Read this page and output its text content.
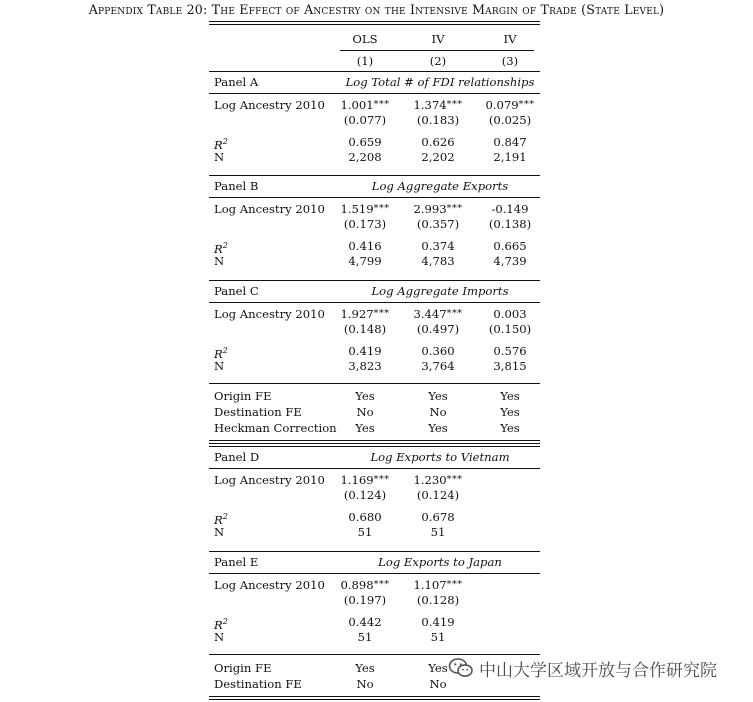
Appendix Table 20: The Effect of Ancestry on the Intensive Margin of Trade (State Level)
OLS	IV	IV
(1)	(2)	(3)
Panel A	Log Total # of FDI relationships
Log Ancestry 2010 1.001***	1.374***	0.079***
(0.077)	(0.183)	(0.025)
$R^2$	0.659	0.626	0.847
N	2,208	2,202	2,191
Panel B	Log Aggregate Exports
Log Ancestry 2010 1.519***	2.993***	-0.149
(0.173)	(0.357)	(0.138)
$R^2$	0.416	0.374	0.665
N	4,799	4,783	4,739
Panel C	Log Aggregate Imports
Log Ancestry 2010 1.927***	3.447***	0.003
(0.148)	(0.497)	(0.150)
$R^2$	0.419	0.360	0.576
N	3,823	3,764	3,815
Panel D	Log Exports to Vietnam
Log Ancestry 2010 1.169***	1.230***
(0.124)	(0.124)
$R^2$	0.680	0.678
N	51	51
Panel E	Log Exports to Japan
Log Ancestry 2010 0.898***	1.107***
(0.197)	(0.128)
$R^2$	0.442	0.419
N	51	51
Origin FE	Yes	Yes	Yes
Destination FE	No	No	Yes
Heckman Correction	Yes	Yes	Yes
Origin FE	Yes	Yes
Destination FE	No	No
中山大学区域开放与合作研究院
